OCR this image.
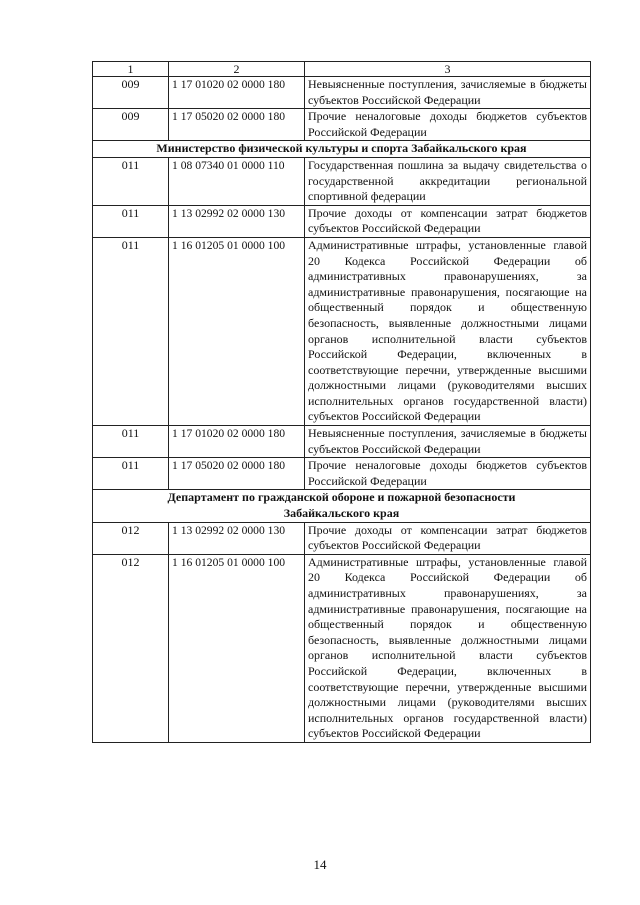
1	2	3
009	1 17 01020 02 0000 180	Невыясненные поступления, зачисляемые в бюджеты субъектов Российской Федерации
009	1 17 05020 02 0000 180	Прочие неналоговые доходы бюджетов субъектов Российской Федерации

Министерство физической культуры и спорта Забайкальского края		

011	1 08 07340 01 0000 110	Государственная пошлина за выдачу свидетельства о государственной аккредитации региональной спортивной федерации
011	1 13 02992 02 0000 130	Прочие доходы от компенсации затрат бюджетов субъектов Российской Федерации
011	1 16 01205 01 0000 100	Административные штрафы, установленные главой 20 Кодекса Российской Федерации об административных правонарушениях, за административные правонарушения, посягающие на общественный порядок и общественную безопасность, выявленные должностными лицами органов исполнительной власти субъектов Российской Федерации, включенных в соответствующие перечни, утвержденные высшими должностными лицами (руководителями высших исполнительных органов государственной власти) субъектов Российской Федерации
011	1 17 01020 02 0000 180	Невыясненные поступления, зачисляемые в бюджеты субъектов Российской Федерации
011	1 17 05020 02 0000 180	Прочие неналоговые доходы бюджетов субъектов Российской Федерации

Департамент по гражданской обороне и пожарной безопасности
Забайкальского края		

012	1 13 02992 02 0000 130	Прочие доходы от компенсации затрат бюджетов субъектов Российской Федерации
012	1 16 01205 01 0000 100	Административные штрафы, установленные главой 20 Кодекса Российской Федерации об административных правонарушениях, за административные правонарушения, посягающие на общественный порядок и общественную безопасность, выявленные должностными лицами органов исполнительной власти субъектов Российской Федерации, включенных в соответствующие перечни, утвержденные высшими должностными лицами (руководителями высших исполнительных органов государственной власти) субъектов Российской Федерации
14
